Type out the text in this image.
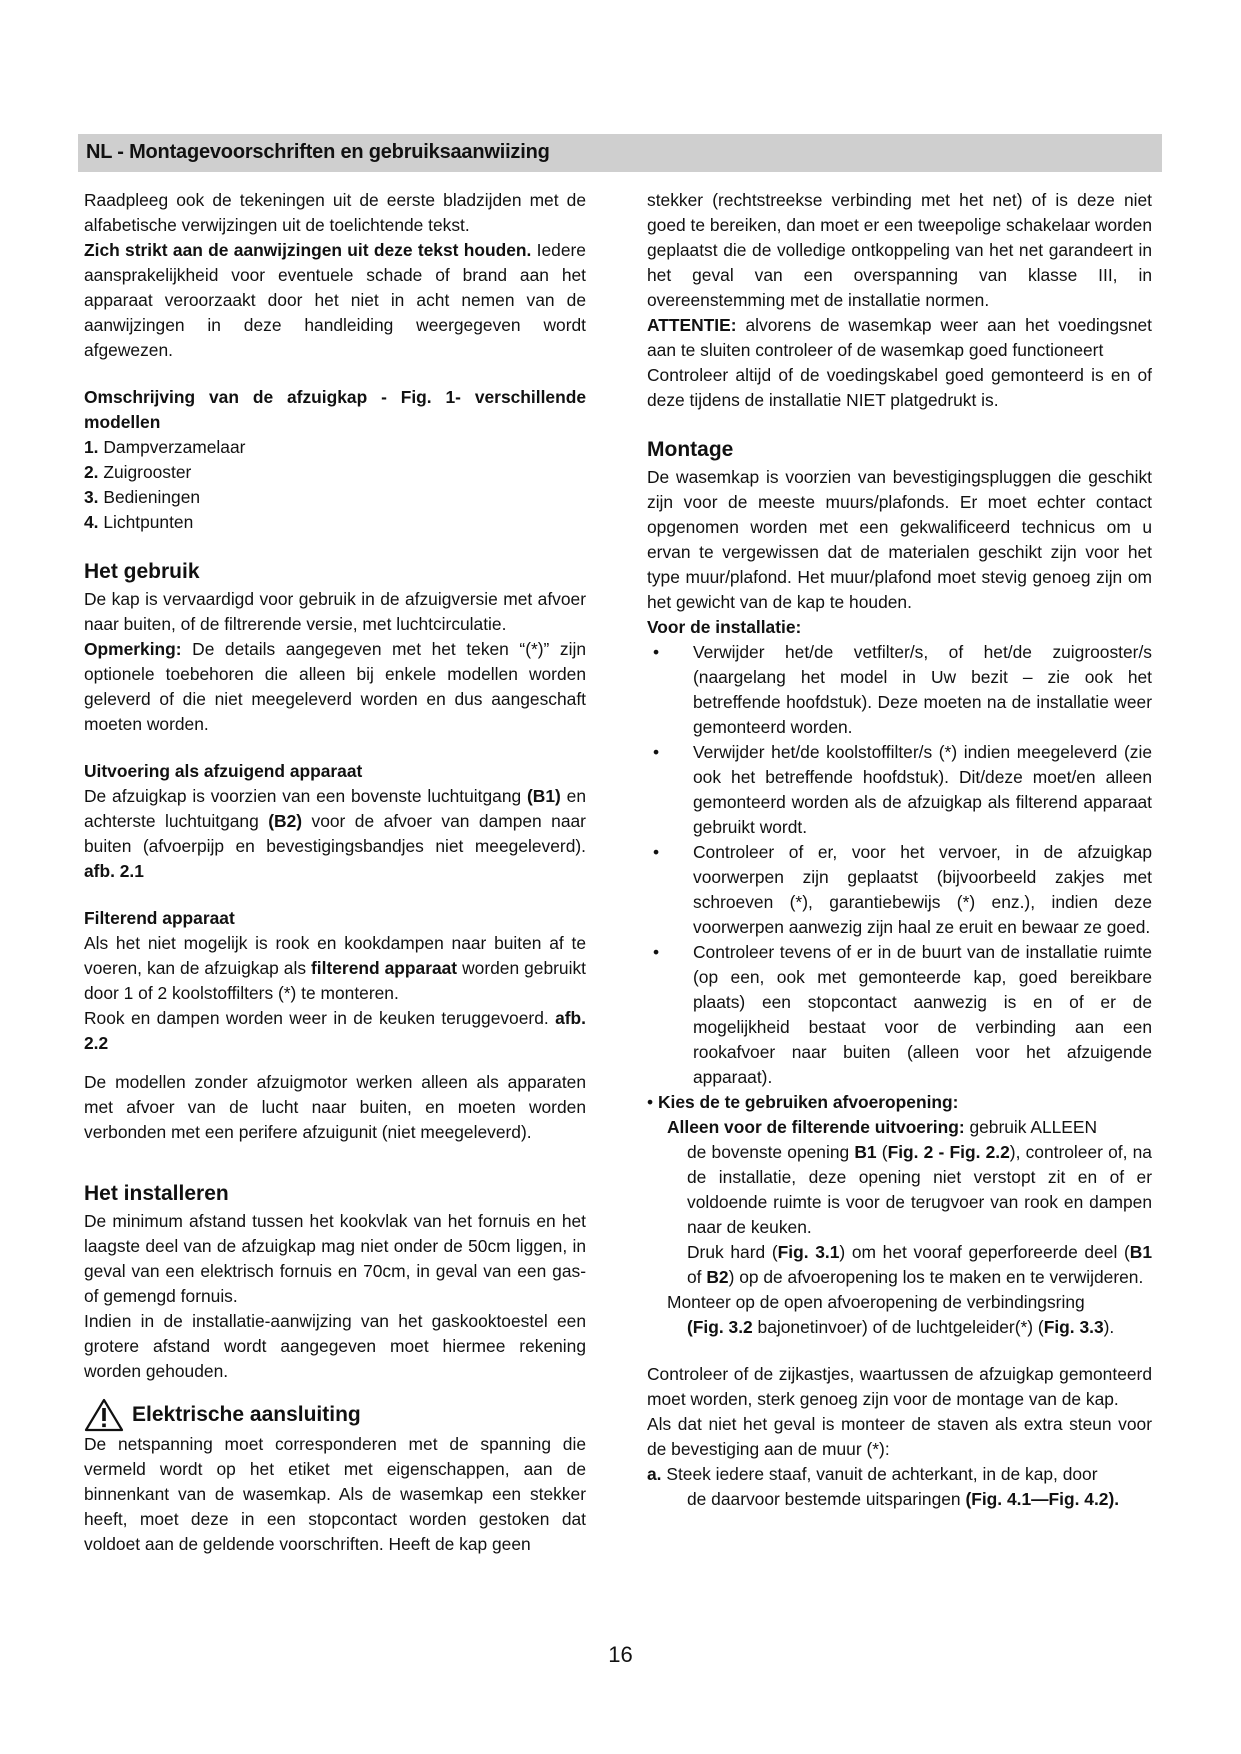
NL - Montagevoorschriften en gebruiksaanwiizing

Raadpleeg ook de tekeningen uit de eerste bladzijden met de alfabetische verwijzingen uit de toelichtende tekst.

Zich strikt aan de aanwijzingen uit deze tekst houden. Iedere aansprakelijkheid voor eventuele schade of brand aan het apparaat veroorzaakt door het niet in acht nemen van de aanwijzingen in deze handleiding weergegeven wordt afgewezen.

Omschrijving van de afzuigkap - Fig. 1- verschillende modellen
1. Dampverzamelaar
2. Zuigrooster
3. Bedieningen
4. Lichtpunten
Het gebruik

De kap is vervaardigd voor gebruik in de afzuigversie met afvoer naar buiten, of de filtrerende versie, met luchtcirculatie.

Opmerking: De details aangegeven met het teken “(*)” zijn optionele toebehoren die alleen bij enkele modellen worden geleverd of die niet meegeleverd worden en dus aangeschaft moeten worden.

Uitvoering als afzuigend apparaat

De afzuigkap is voorzien van een bovenste luchtuitgang (B1) en achterste luchtuitgang (B2) voor de afvoer van dampen naar buiten (afvoerpijp en bevestigingsbandjes niet meegeleverd). afb. 2.1

Filterend apparaat

Als het niet mogelijk is rook en kookdampen naar buiten af te voeren, kan de afzuigkap als filterend apparaat worden gebruikt door 1 of 2 koolstoffilters (*) te monteren.

Rook en dampen worden weer in de keuken teruggevoerd. afb. 2.2

De modellen zonder afzuigmotor werken alleen als apparaten met afvoer van de lucht naar buiten, en moeten worden verbonden met een perifere afzuigunit (niet meegeleverd).

Het installeren

De minimum afstand tussen het kookvlak van het fornuis en het laagste deel van de afzuigkap mag niet onder de 50cm liggen, in geval van een elektrisch fornuis en 70cm, in geval van een gas- of gemengd fornuis.

Indien in de installatie-aanwijzing van het gaskooktoestel een grotere afstand wordt aangegeven moet hiermee rekening worden gehouden.

Elektrische aansluiting

De netspanning moet corresponderen met de spanning die vermeld wordt op het etiket met eigenschappen, aan de binnenkant van de wasemkap. Als de wasemkap een stekker heeft, moet deze in een stopcontact worden gestoken dat voldoet aan de geldende voorschriften. Heeft de kap geen

stekker (rechtstreekse verbinding met het net) of is deze niet goed te bereiken, dan moet er een tweepolige schakelaar worden geplaatst die de volledige ontkoppeling van het net garandeert in het geval van een overspanning van klasse III, in overeenstemming met de installatie normen.

ATTENTIE: alvorens de wasemkap weer aan het voedingsnet aan te sluiten controleer of de wasemkap goed functioneert

Controleer altijd of de voedingskabel goed gemonteerd is en of deze tijdens de installatie NIET platgedrukt is.

Montage

De wasemkap is voorzien van bevestigingspluggen die geschikt zijn voor de meeste muurs/plafonds. Er moet echter contact opgenomen worden met een gekwalificeerd technicus om u ervan te vergewissen dat de materialen geschikt zijn voor het type muur/plafond. Het muur/plafond moet stevig genoeg zijn om het gewicht van de kap te houden.

Voor de installatie:
•	Verwijder het/de vetfilter/s, of het/de zuigrooster/s (naargelang het model in Uw bezit – zie ook het betreffende hoofdstuk). Deze moeten na de installatie weer gemonteerd worden.
•	Verwijder het/de koolstoffilter/s (*) indien meegeleverd (zie ook het betreffende hoofdstuk). Dit/deze moet/en alleen gemonteerd worden als de afzuigkap als filterend apparaat gebruikt wordt.
•	Controleer of er, voor het vervoer, in de afzuigkap voorwerpen zijn geplaatst (bijvoorbeeld zakjes met schroeven (*), garantiebewijs (*) enz.), indien deze voorwerpen aanwezig zijn haal ze eruit en bewaar ze goed.
•	Controleer tevens of er in de buurt van de installatie ruimte (op een, ook met gemonteerde kap, goed bereikbare plaats) een stopcontact aanwezig is en of er de mogelijkheid bestaat voor de verbinding aan een rookafvoer naar buiten (alleen voor het afzuigende apparaat).
• Kies de te gebruiken afvoeropening:
Alleen voor de filterende uitvoering: gebruik ALLEEN

de bovenste opening B1 (Fig. 2 - Fig. 2.2), controleer of, na de installatie, deze opening niet verstopt zit en of er voldoende ruimte is voor de terugvoer van rook en dampen naar de keuken.

Druk hard (Fig. 3.1) om het vooraf geperforeerde deel (B1 of B2) op de afvoeropening los te maken en te verwijderen.

Monteer op de open afvoeropening de verbindingsring

(Fig. 3.2 bajonetinvoer) of de luchtgeleider(*) (Fig. 3.3).

Controleer of de zijkastjes, waartussen de afzuigkap gemonteerd moet worden, sterk genoeg zijn voor de montage van de kap.

Als dat niet het geval is monteer de staven als extra steun voor de bevestiging aan de muur (*):

a. Steek iedere staaf, vanuit de achterkant, in de kap, door
de daarvoor bestemde uitsparingen (Fig. 4.1—Fig. 4.2).
16
